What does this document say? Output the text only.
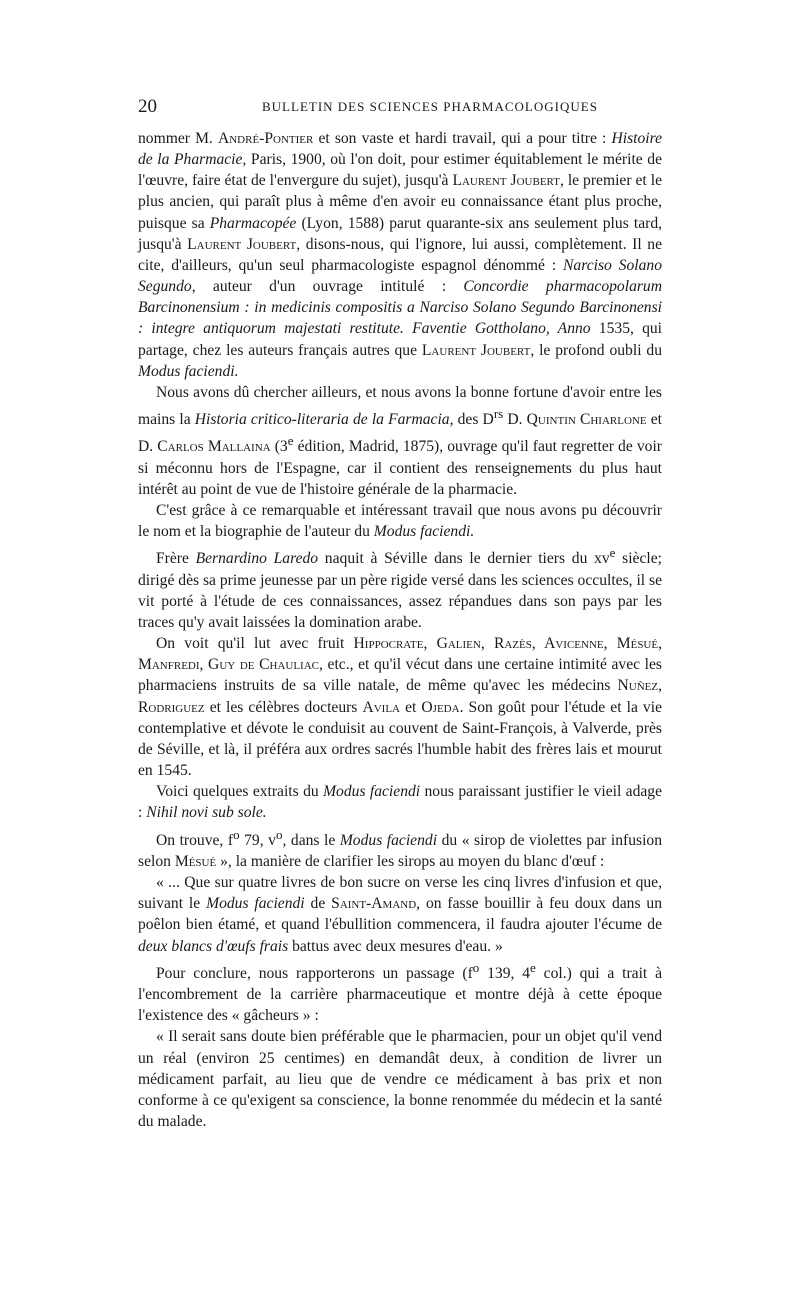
20	BULLETIN DES SCIENCES PHARMACOLOGIQUES

nommer M. André-Pontier et son vaste et hardi travail, qui a pour titre : Histoire de la Pharmacie, Paris, 1900, où l'on doit, pour estimer équitablement le mérite de l'œuvre, faire état de l'envergure du sujet), jusqu'à Laurent Joubert, le premier et le plus ancien, qui paraît plus à même d'en avoir eu connaissance étant plus proche, puisque sa Pharmacopée (Lyon, 1588) parut quarante-six ans seulement plus tard, jusqu'à Laurent Joubert, disons-nous, qui l'ignore, lui aussi, complètement. Il ne cite, d'ailleurs, qu'un seul pharmacologiste espagnol dénommé : Narciso Solano Segundo, auteur d'un ouvrage intitulé : Concordie pharmacopolarum Barcinonensium : in medicinis compositis a Narciso Solano Segundo Barcinonensi : integre antiquorum majestati restitute. Faventie Gottholano, Anno 1535, qui partage, chez les auteurs français autres que Laurent Joubert, le profond oubli du Modus faciendi.

Nous avons dû chercher ailleurs, et nous avons la bonne fortune d'avoir entre les mains la Historia critico-literaria de la Farmacia, des $D^{rs}$ D. Quintin Chiarlone et D. Carlos Mallaina (3e édition, Madrid, 1875), ouvrage qu'il faut regretter de voir si méconnu hors de l'Espagne, car il contient des renseignements du plus haut intérêt au point de vue de l'histoire générale de la pharmacie.

C'est grâce à ce remarquable et intéressant travail que nous avons pu découvrir le nom et la biographie de l'auteur du Modus faciendi.

Frère Bernardino Laredo naquit à Séville dans le dernier tiers du $xv^e$ siècle; dirigé dès sa prime jeunesse par un père rigide versé dans les sciences occultes, il se vit porté à l'étude de ces connaissances, assez répandues dans son pays par les traces qu'y avait laissées la domination arabe.

On voit qu'il lut avec fruit Hippocrate, Galien, Razès, Avicenne, Mésué, Manfredi, Guy de Chauliac, etc., et qu'il vécut dans une certaine intimité avec les pharmaciens instruits de sa ville natale, de même qu'avec les médecins Nuñez, Rodriguez et les célèbres docteurs Avila et Ojeda. Son goût pour l'étude et la vie contemplative et dévote le conduisit au couvent de Saint-François, à Valverde, près de Séville, et là, il préféra aux ordres sacrés l'humble habit des frères lais et mourut en 1545.

Voici quelques extraits du Modus faciendi nous paraissant justifier le vieil adage : Nihil novi sub sole.

On trouve, $f^o$ 79, $v^o$, dans le Modus faciendi du « sirop de violettes par infusion selon Mésué », la manière de clarifier les sirops au moyen du blanc d'œuf :

« ... Que sur quatre livres de bon sucre on verse les cinq livres d'infusion et que, suivant le Modus faciendi de Saint-Amand, on fasse bouillir à feu doux dans un poêlon bien étamé, et quand l'ébullition commencera, il faudra ajouter l'écume de deux blancs d'œufs frais battus avec deux mesures d'eau. »

Pour conclure, nous rapporterons un passage ($f^o$ 139, 4e col.) qui a trait à l'encombrement de la carrière pharmaceutique et montre déjà à cette époque l'existence des « gâcheurs » :

« Il serait sans doute bien préférable que le pharmacien, pour un objet qu'il vend un réal (environ 25 centimes) en demandât deux, à condition de livrer un médicament parfait, au lieu que de vendre ce médicament à bas prix et non conforme à ce qu'exigent sa conscience, la bonne renommée du médecin et la santé du malade.
